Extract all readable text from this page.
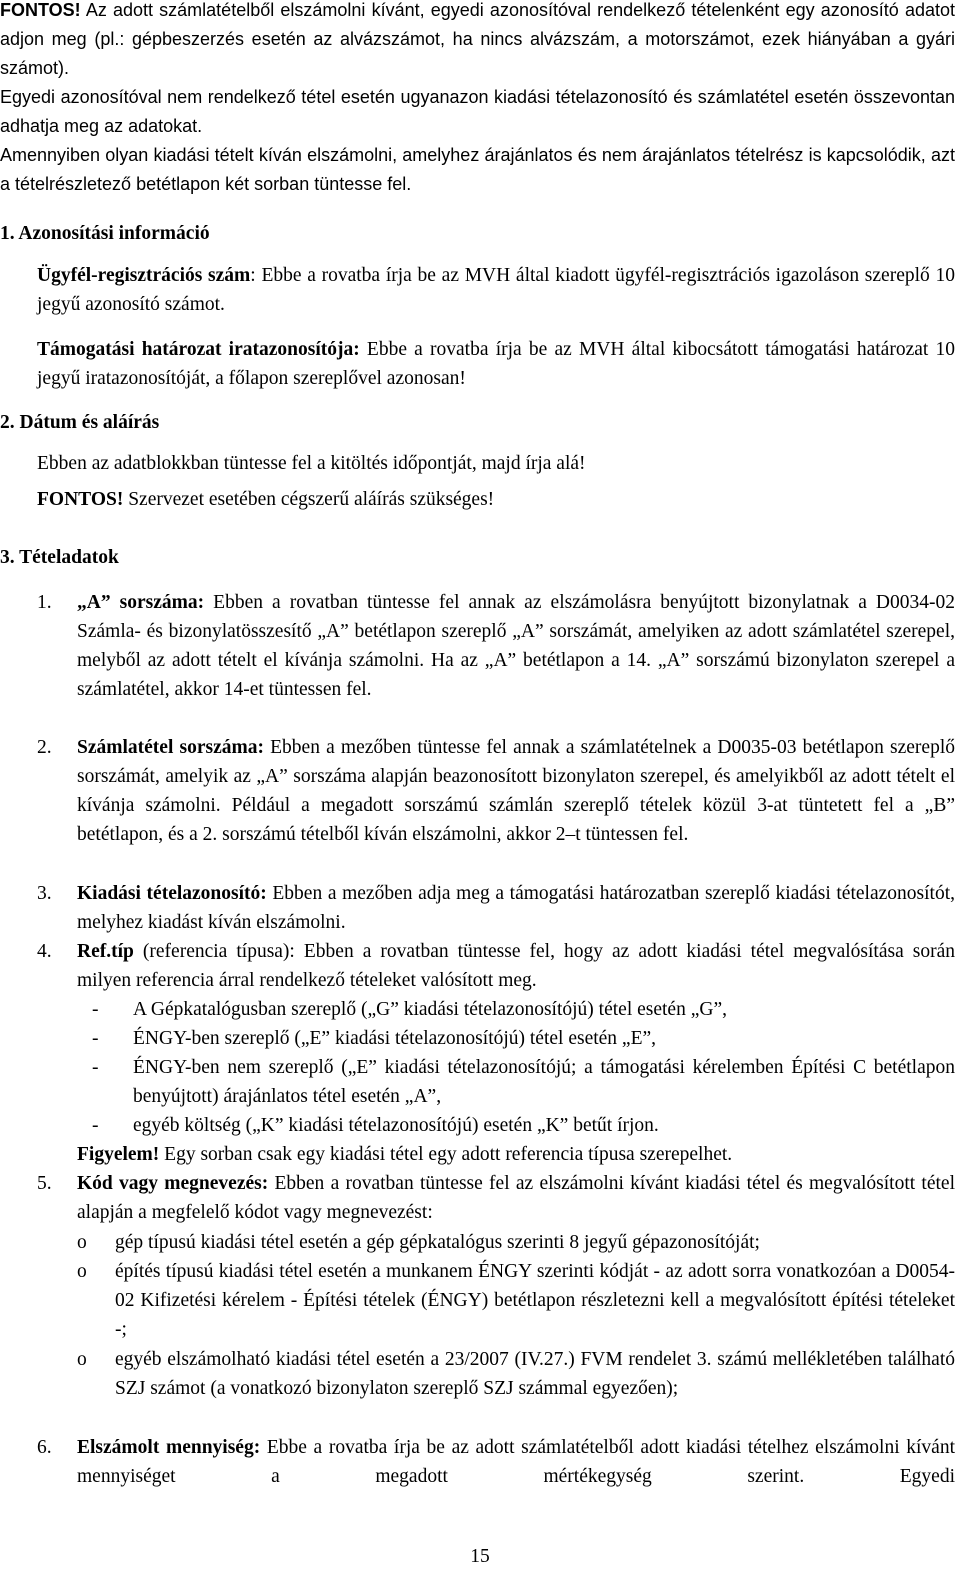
FONTOS! Az adott számlatételből elszámolni kívánt, egyedi azonosítóval rendelkező tételenként egy azonosító adatot adjon meg (pl.: gépbeszerzés esetén az alvázszámot, ha nincs alvázszám, a motorszámot, ezek hiányában a gyári számot).
Egyedi azonosítóval nem rendelkező tétel esetén ugyanazon kiadási tételazonosító és számlatétel esetén összevontan adhatja meg az adatokat.
Amennyiben olyan kiadási tételt kíván elszámolni, amelyhez árajánlatos és nem árajánlatos tételrész is kapcsolódik, azt a tételrészletező betétlapon két sorban tüntesse fel.
1. Azonosítási információ
Ügyfél-regisztrációs szám: Ebbe a rovatba írja be az MVH által kiadott ügyfél-regisztrációs igazoláson szereplő 10 jegyű azonosító számot.
Támogatási határozat iratazonosítója: Ebbe a rovatba írja be az MVH által kibocsátott támogatási határozat 10 jegyű iratazonosítóját, a főlapon szereplővel azonosan!
2. Dátum és aláírás
Ebben az adatblokkban tüntesse fel a kitöltés időpontját, majd írja alá!
FONTOS! Szervezet esetében cégszerű aláírás szükséges!
3. Tételadatok
1. „A” sorszáma: Ebben a rovatban tüntesse fel annak az elszámolásra benyújtott bizonylatnak a D0034-02 Számla- és bizonylatösszesítő „A” betétlapon szereplő „A” sorszámát, amelyiken az adott számlatétel szerepel, melyből az adott tételt el kívánja számolni. Ha az „A” betétlapon a 14. „A” sorszámú bizonylaton szerepel a számlatétel, akkor 14-et tüntessen fel.
2. Számlatétel sorszáma: Ebben a mezőben tüntesse fel annak a számlatételnek a D0035-03 betétlapon szereplő sorszámát, amelyik az „A” sorszáma alapján beazonosított bizonylaton szerepel, és amelyikből az adott tételt el kívánja számolni. Például a megadott sorszámú számlán szereplő tételek közül 3-at tüntetett fel a „B” betétlapon, és a 2. sorszámú tételből kíván elszámolni, akkor 2–t tüntessen fel.
3. Kiadási tételazonosító: Ebben a mezőben adja meg a támogatási határozatban szereplő kiadási tételazonosítót, melyhez kiadást kíván elszámolni.
4. Ref.típ (referencia típusa): Ebben a rovatban tüntesse fel, hogy az adott kiadási tétel megvalósítása során milyen referencia árral rendelkező tételeket valósított meg.
- A Gépkatalógusban szereplő („G” kiadási tételazonosítójú) tétel esetén „G”,
- ÉNGY-ben szereplő („E” kiadási tételazonosítójú) tétel esetén „E”,
- ÉNGY-ben nem szereplő („E” kiadási tételazonosítójú; a támogatási kérelemben Építési C betétlapon benyújtott) árajánlatos tétel esetén „A”,
- egyéb költség („K” kiadási tételazonosítójú) esetén „K” betűt írjon.
Figyelem! Egy sorban csak egy kiadási tétel egy adott referencia típusa szerepelhet.
5. Kód vagy megnevezés: Ebben a rovatban tüntesse fel az elszámolni kívánt kiadási tétel és megvalósított tétel alapján a megfelelő kódot vagy megnevezést:
o gép típusú kiadási tétel esetén a gép gépkatalógus szerinti 8 jegyű gépazonosítóját;
o építés típusú kiadási tétel esetén a munkanem ÉNGY szerinti kódját - az adott sorra vonatkozóan a D0054-02 Kifizetési kérelem - Építési tételek (ÉNGY) betétlapon részletezni kell a megvalósított építési tételeket -;
o egyéb elszámolható kiadási tétel esetén a 23/2007 (IV.27.) FVM rendelet 3. számú mellékletében található SZJ számot (a vonatkozó bizonylaton szereplő SZJ számmal egyezően);
6. Elszámolt mennyiség: Ebbe a rovatba írja be az adott számlatételből adott kiadási tételhez elszámolni kívánt mennyiséget a megadott mértékegység szerint. Egyedi
15
